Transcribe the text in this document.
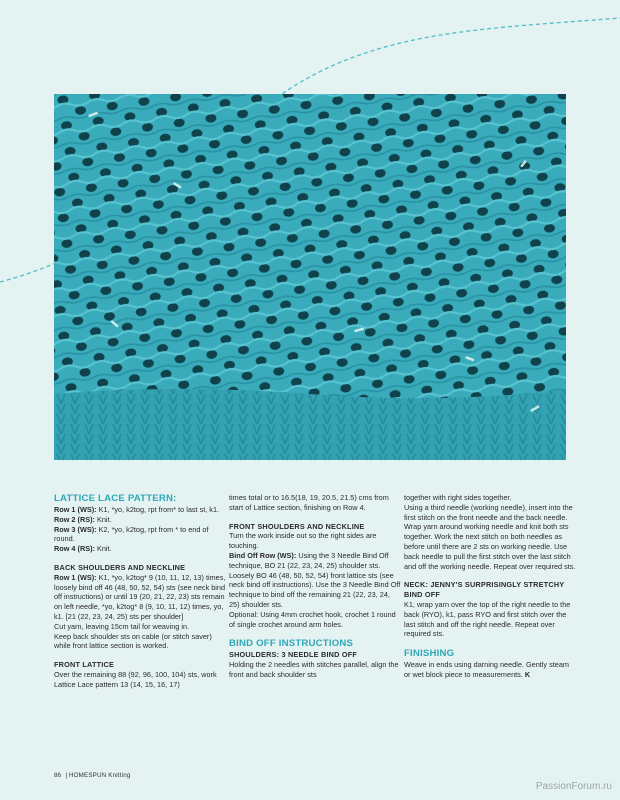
LATTICE LACE PATTERN:
Row 1 (WS): K1, *yo, k2tog, rpt from* to last st, k1.
Row 2 (RS): Knit.
Row 3 (WS): K2, *yo, k2tog, rpt from * to end of round.
Row 4 (RS): Knit.
BACK SHOULDERS AND NECKLINE
Row 1 (WS): K1, *yo, k2tog* 9 (10, 11, 12, 13) times, loosely bind off 46 (48, 50, 52, 54) sts (see neck bind off instructions) or until 19 (20, 21, 22, 23) sts remain on left needle, *yo, k2tog* 8 (9, 10, 11, 12) times, yo, k1. [21 (22, 23, 24, 25) sts per shoulder]
Cut yarn, leaving 15cm tail for weaving in.
Keep back shoulder sts on cable (or stitch saver) while front lattice section is worked.
FRONT LATTICE
Over the remaining 88 (92, 96, 100, 104) sts, work Lattice Lace pattern 13 (14, 15, 16, 17)
times total or to 16.5(18, 19, 20.5, 21.5) cms from start of Lattice section, finishing on Row 4.
FRONT SHOULDERS AND NECKLINE
Turn the work inside out so the right sides are touching.
Bind Off Row (WS): Using the 3 Needle Bind Off technique, BO 21 (22, 23, 24, 25) shoulder sts. Loosely BO 46 (48, 50, 52, 54) front lattice sts (see neck bind off instructions). Use the 3 Needle Bind Off technique to bind off the remaining 21 (22, 23, 24, 25) shoulder sts.
Optional: Using 4mm crochet hook, crochet 1 round of single crochet around arm holes.
BIND OFF INSTRUCTIONS
SHOULDERS: 3 NEEDLE BIND OFF
Holding the 2 needles with stitches parallel, align the front and back shoulder sts
together with right sides together.
Using a third needle (working needle), insert into the first stitch on the front needle and the back needle. Wrap yarn around working needle and knit both sts together. Work the next stitch on both needles as before until there are 2 sts on working needle. Use back needle to pull the first stitch over the last stitch and off the working needle. Repeat over required sts.
NECK: JENNY'S SURPRISINGLY STRETCHY BIND OFF
K1, wrap yarn over the top of the right needle to the back (RYO), k1, pass RYO and first stitch over the last stitch and off the right needle. Repeat over required sts.
FINISHING
Weave in ends using darning needle. Gently steam or wet block piece to measurements. K
86 | HOMESPUN Knitting
PassionForum.ru
